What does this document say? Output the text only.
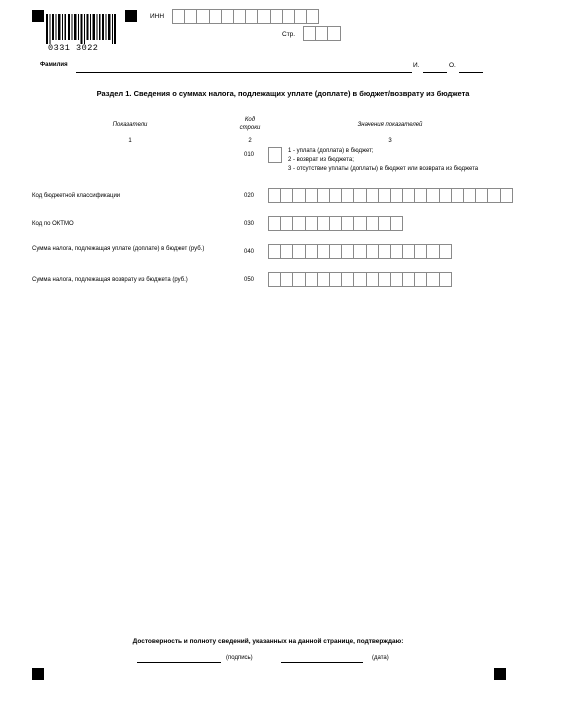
0331 3022
ИНН
Стр.
Фамилия	И.	О.
Раздел 1. Сведения о суммах налога, подлежащих уплате (доплате) в бюджет/возврату из бюджета
Показатели
1
Код
строки
2
Значения показателей
3
010
1 - уплата (доплата) в бюджет;
2 - возврат из бюджета;
3 - отсутствие уплаты (доплаты) в бюджет или возврата из бюджета
Код бюджетной классификации	020
Код по ОКТМО	030
Сумма налога, подлежащая уплате (доплате) в бюджет (руб.)	040
Сумма налога, подлежащая возврату из бюджета (руб.)	050
Достоверность и полноту сведений, указанных на данной странице, подтверждаю:
(подпись)	(дата)
